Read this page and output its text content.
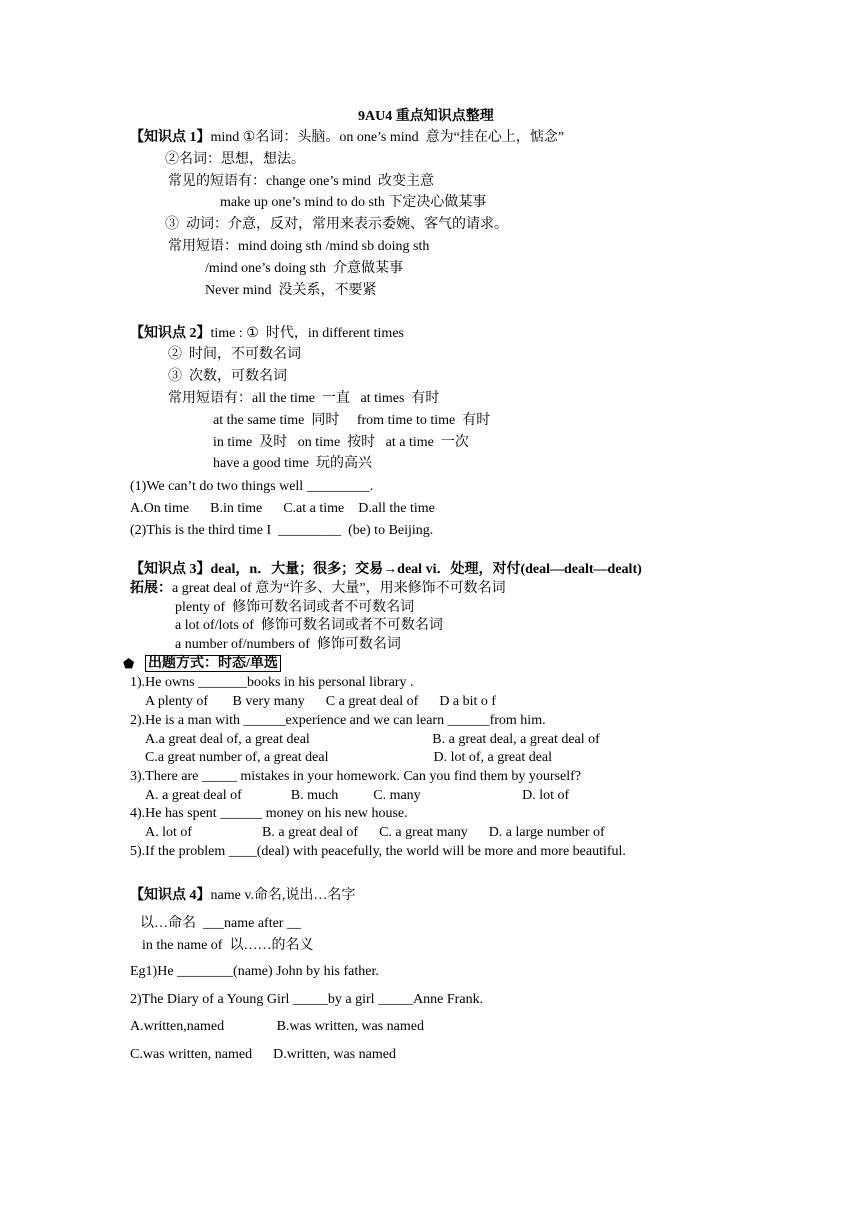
9AU4 重点知识点整理
【知识点 1】mind ①名词：头脑。on one’s mind  意为“挂在心上，惦念”
②名词：思想，想法。
常见的短语有：change one’s mind  改变主意
make up one’s mind to do sth 下定决心做某事
③  动词：介意，反对，常用来表示委婉、客气的请求。
常用短语：mind doing sth /mind sb doing sth
/mind one’s doing sth  介意做某事
Never mind  没关系，不要紧
【知识点 2】time : ①  时代，in different times
②  时间，不可数名词
③  次数，可数名词
常用短语有：all the time  一直   at times  有时
at the same time  同时     from time to time  有时
in time  及时   on time  按时   at a time  一次
have a good time  玩的高兴
(1)We can’t do two things well _________.
A.On time      B.in time      C.at a time    D.all the time
(2)This is the third time I  _________  (be) to Beijing.
【知识点 3】deal，n．大量；很多；交易→deal vi．处理，对付(deal—dealt—dealt)
拓展：a great deal of 意为“许多、大量”，用来修饰不可数名词
plenty of  修饰可数名词或者不可数名词
a lot of/lots of  修饰可数名词或者不可数名词
a number of/numbers of  修饰可数名词
⬟ 出题方式：时态/单选
1).He owns _______books in his personal library .
A plenty of       B very many      C a great deal of      D a bit o f
2).He is a man with ______experience and we can learn ______from him.
A.a great deal of, a great deal                                   B. a great deal, a great deal of
C.a great number of, a great deal                              D. lot of, a great deal
3).There are _____ mistakes in your homework. Can you find them by yourself?
A. a great deal of              B. much          C. many                             D. lot of
4).He has spent ______ money on his new house.
A. lot of                    B. a great deal of      C. a great many      D. a large number of
5).If the problem ____(deal) with peacefully, the world will be more and more beautiful.
【知识点 4】name v.命名,说出…名字
以…命名  ___name after __
in the name of  以……的名义
Eg1)He ________(name) John by his father.
2)The Diary of a Young Girl _____by a girl _____Anne Frank.
A.written,named               B.was written, was named
C.was written, named      D.written, was named
